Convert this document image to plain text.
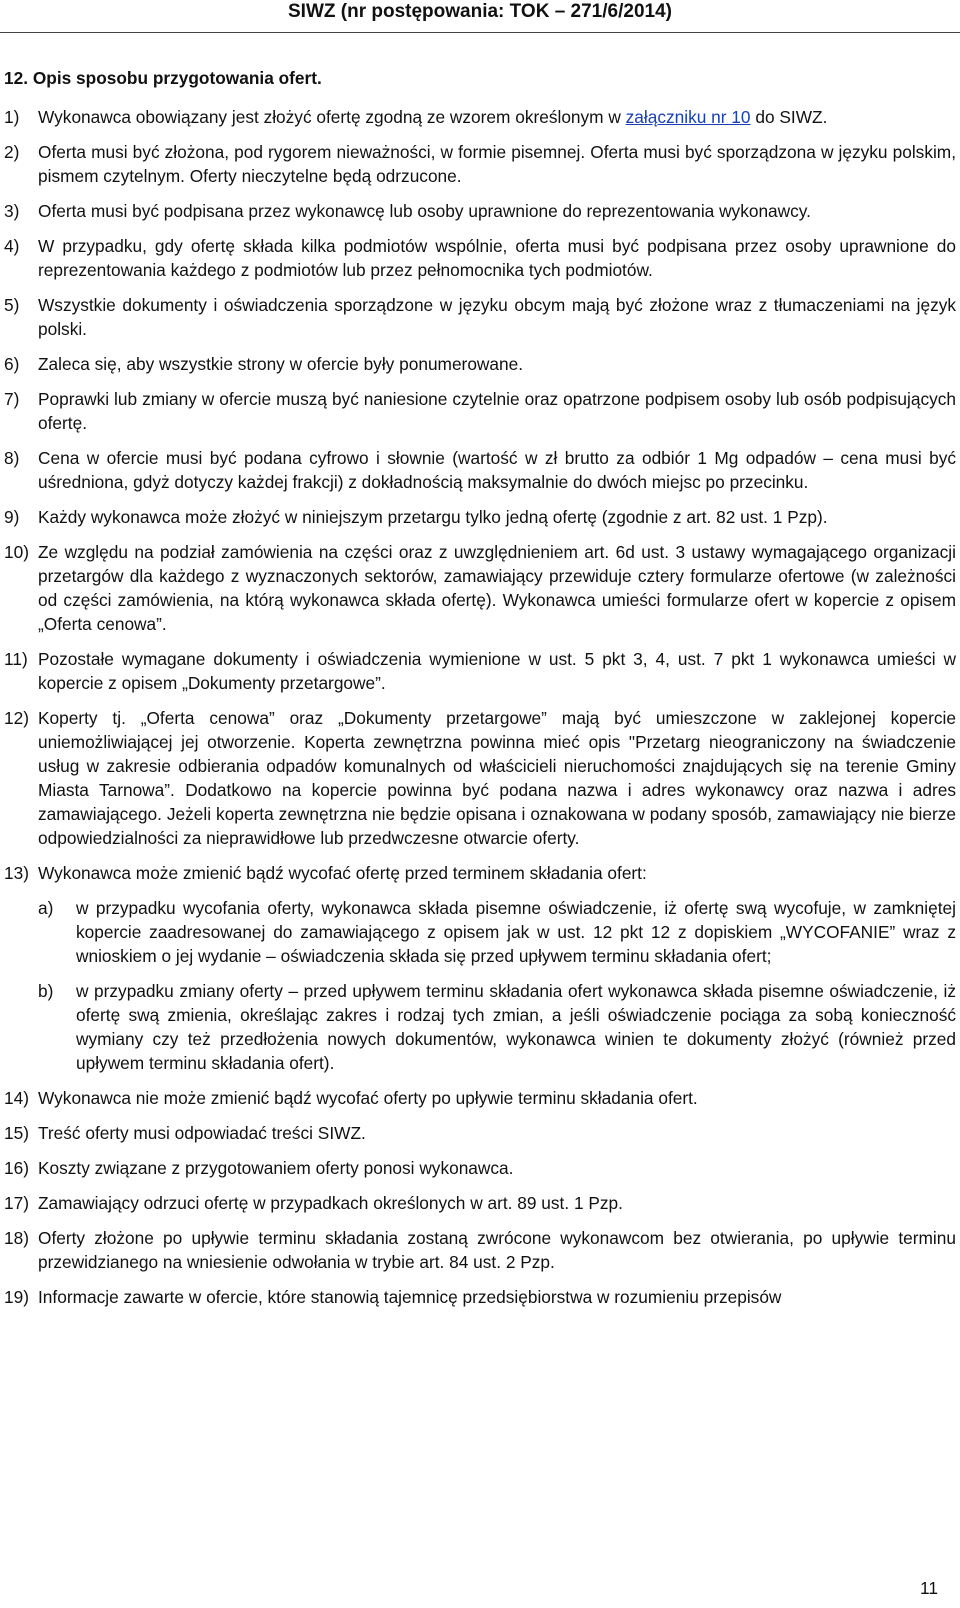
SIWZ (nr postępowania: TOK – 271/6/2014)
12. Opis sposobu przygotowania ofert.
1)	Wykonawca obowiązany jest złożyć ofertę zgodną ze wzorem określonym w załączniku nr 10 do SIWZ.
2)	Oferta musi być złożona, pod rygorem nieważności, w formie pisemnej. Oferta musi być sporządzona w języku polskim, pismem czytelnym. Oferty nieczytelne będą odrzucone.
3)	Oferta musi być podpisana przez wykonawcę lub osoby uprawnione do reprezentowania wykonawcy.
4)	W przypadku, gdy ofertę składa kilka podmiotów wspólnie, oferta musi być podpisana przez osoby uprawnione do reprezentowania każdego z podmiotów lub przez pełnomocnika tych podmiotów.
5)	Wszystkie dokumenty i oświadczenia sporządzone w języku obcym mają być złożone wraz z tłumaczeniami na język polski.
6)	Zaleca się, aby wszystkie strony w ofercie były ponumerowane.
7)	Poprawki lub zmiany w ofercie muszą być naniesione czytelnie oraz opatrzone podpisem osoby lub osób podpisujących ofertę.
8)	Cena w ofercie musi być podana cyfrowo i słownie (wartość w zł brutto za odbiór 1 Mg odpadów – cena musi być uśredniona, gdyż dotyczy każdej frakcji) z dokładnością maksymalnie do dwóch miejsc po przecinku.
9)	Każdy wykonawca może złożyć w niniejszym przetargu tylko jedną ofertę (zgodnie z art. 82 ust. 1 Pzp).
10) Ze względu na podział zamówienia na części oraz z uwzględnieniem art. 6d ust. 3 ustawy wymagającego organizacji przetargów dla każdego z wyznaczonych sektorów, zamawiający przewiduje cztery formularze ofertowe (w zależności od części zamówienia, na którą wykonawca składa ofertę). Wykonawca umieści formularze ofert w kopercie z opisem „Oferta cenowa”.
11) Pozostałe wymagane dokumenty i oświadczenia wymienione w ust. 5 pkt 3, 4, ust. 7 pkt 1 wykonawca umieści w kopercie z opisem „Dokumenty przetargowe”.
12) Koperty tj. „Oferta cenowa” oraz „Dokumenty przetargowe” mają być umieszczone w zaklejonej kopercie uniemożliwiającej jej otworzenie. Koperta zewnętrzna powinna mieć opis "Przetarg nieograniczony na świadczenie usług w zakresie odbierania odpadów komunalnych od właścicieli nieruchomości znajdujących się na terenie Gminy Miasta Tarnowa”. Dodatkowo na kopercie powinna być podana nazwa i adres wykonawcy oraz nazwa i adres zamawiającego. Jeżeli koperta zewnętrzna nie będzie opisana i oznakowana w podany sposób, zamawiający nie bierze odpowiedzialności za nieprawidłowe lub przedwczesne otwarcie oferty.
13) Wykonawca może zmienić bądź wycofać ofertę przed terminem składania ofert:
a)	w przypadku wycofania oferty, wykonawca składa pisemne oświadczenie, iż ofertę swą wycofuje, w zamkniętej kopercie zaadresowanej do zamawiającego z opisem jak w ust. 12 pkt 12 z dopiskiem „WYCOFANIE” wraz z wnioskiem o jej wydanie – oświadczenia składa się przed upływem terminu składania ofert;
b)	w przypadku zmiany oferty – przed upływem terminu składania ofert wykonawca składa pisemne oświadczenie, iż ofertę swą zmienia, określając zakres i rodzaj tych zmian, a jeśli oświadczenie pociąga za sobą konieczność wymiany czy też przedłożenia nowych dokumentów, wykonawca winien te dokumenty złożyć (również przed upływem terminu składania ofert).
14) Wykonawca nie może zmienić bądź wycofać oferty po upływie terminu składania ofert.
15) Treść oferty musi odpowiadać treści SIWZ.
16) Koszty związane z przygotowaniem oferty ponosi wykonawca.
17) Zamawiający odrzuci ofertę w przypadkach określonych w art. 89 ust. 1 Pzp.
18) Oferty złożone po upływie terminu składania zostaną zwrócone wykonawcom bez otwierania, po upływie terminu przewidzianego na wniesienie odwołania w trybie art. 84 ust. 2 Pzp.
19) Informacje zawarte w ofercie, które stanowią tajemnicę przedsiębiorstwa w rozumieniu przepisów
11
